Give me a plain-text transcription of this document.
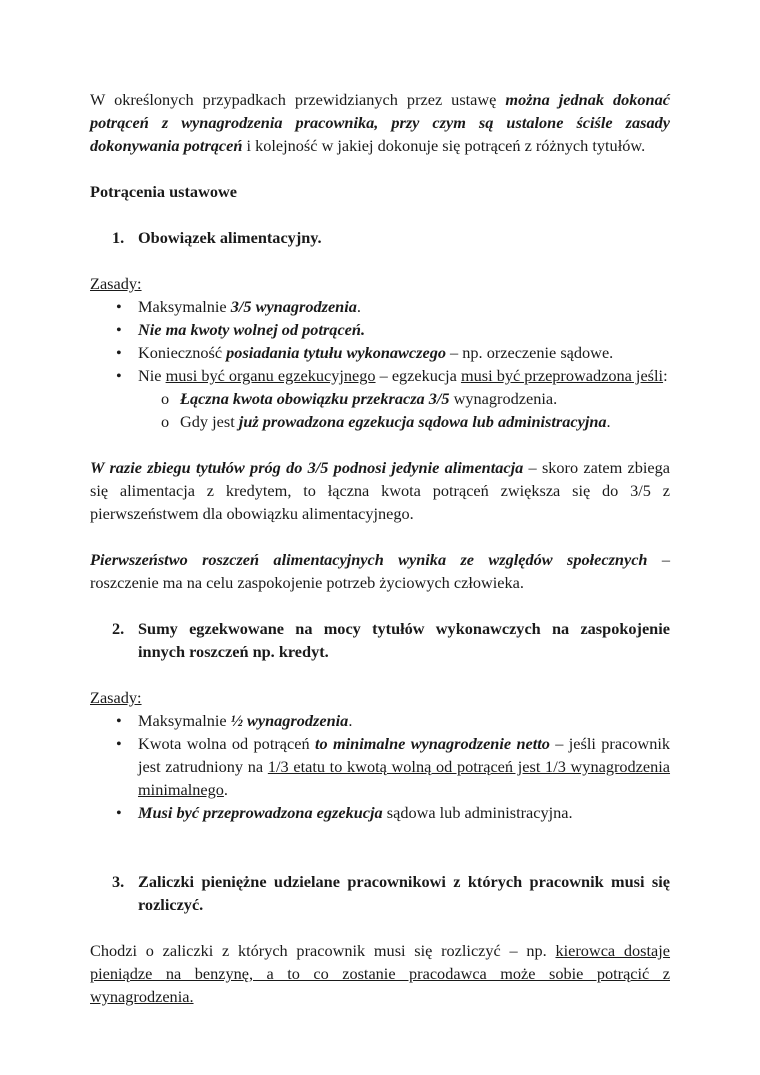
W określonych przypadkach przewidzianych przez ustawę można jednak dokonać potrąceń z wynagrodzenia pracownika, przy czym są ustalone ściśle zasady dokonywania potrąceń i kolejność w jakiej dokonuje się potrąceń z różnych tytułów.

Potrącenia ustawowe

1. Obowiązek alimentacyjny.

Zasady:

• Maksymalnie 3/5 wynagrodzenia.
• Nie ma kwoty wolnej od potrąceń.
• Konieczność posiadania tytułu wykonawczego – np. orzeczenie sądowe.
• Nie musi być organu egzekucyjnego – egzekucja musi być przeprowadzona jeśli:
o Łączna kwota obowiązku przekracza 3/5 wynagrodzenia.
o Gdy jest już prowadzona egzekucja sądowa lub administracyjna.

W razie zbiegu tytułów próg do 3/5 podnosi jedynie alimentacja – skoro zatem zbiega się alimentacja z kredytem, to łączna kwota potrąceń zwiększa się do 3/5 z pierwszeństwem dla obowiązku alimentacyjnego.

Pierwszeństwo roszczeń alimentacyjnych wynika ze względów społecznych – roszczenie ma na celu zaspokojenie potrzeb życiowych człowieka.

2. Sumy egzekwowane na mocy tytułów wykonawczych na zaspokojenie innych roszczeń np. kredyt.

Zasady:

• Maksymalnie ½ wynagrodzenia.
• Kwota wolna od potrąceń to minimalne wynagrodzenie netto – jeśli pracownik jest zatrudniony na 1/3 etatu to kwotą wolną od potrąceń jest 1/3 wynagrodzenia minimalnego.
• Musi być przeprowadzona egzekucja sądowa lub administracyjna.
3. Zaliczki pieniężne udzielane pracownikowi z których pracownik musi się rozliczyć.

Chodzi o zaliczki z których pracownik musi się rozliczyć – np. kierowca dostaje pieniądze na benzynę, a to co zostanie pracodawca może sobie potrącić z wynagrodzenia.
